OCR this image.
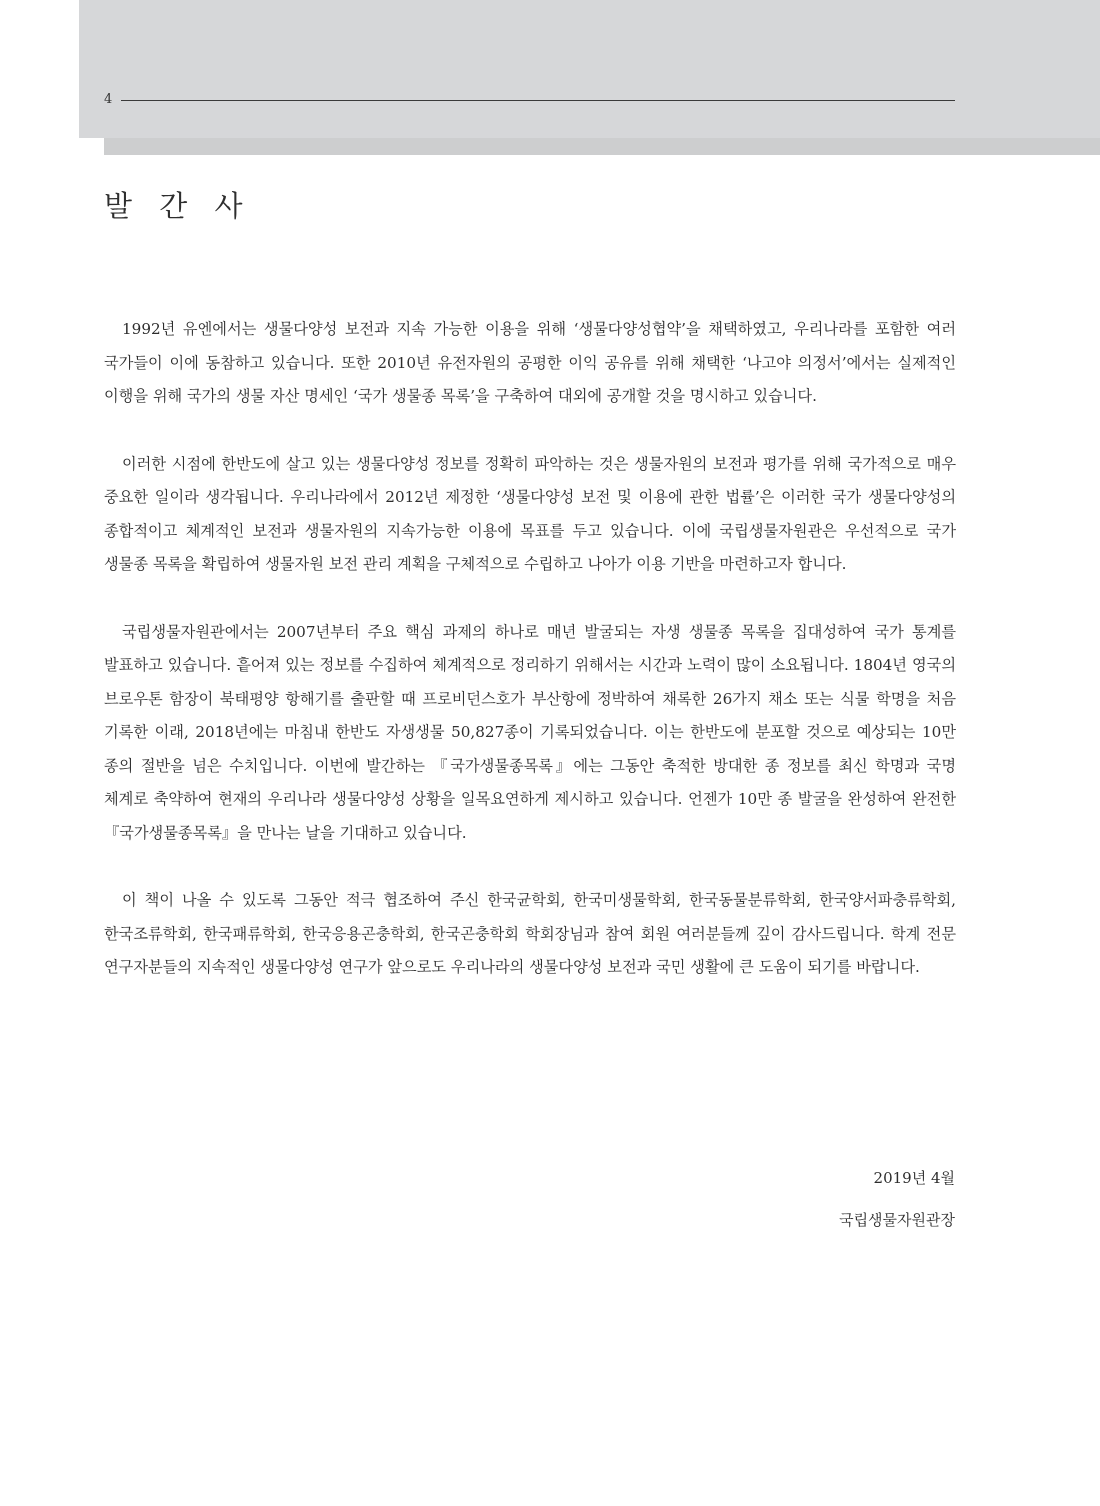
4
발 간 사

1992년 유엔에서는 생물다양성 보전과 지속 가능한 이용을 위해 ‘생물다양성협약’을 채택하였고, 우리나라를 포함한 여러 국가들이 이에 동참하고 있습니다. 또한 2010년 유전자원의 공평한 이익 공유를 위해 채택한 ‘나고야 의정서’에서는 실제적인 이행을 위해 국가의 생물 자산 명세인 ‘국가 생물종 목록’을 구축하여 대외에 공개할 것을 명시하고 있습니다.

이러한 시점에 한반도에 살고 있는 생물다양성 정보를 정확히 파악하는 것은 생물자원의 보전과 평가를 위해 국가적으로 매우 중요한 일이라 생각됩니다. 우리나라에서 2012년 제정한 ‘생물다양성 보전 및 이용에 관한 법률’은 이러한 국가 생물다양성의 종합적이고 체계적인 보전과 생물자원의 지속가능한 이용에 목표를 두고 있습니다. 이에 국립생물자원관은 우선적으로 국가 생물종 목록을 확립하여 생물자원 보전 관리 계획을 구체적으로 수립하고 나아가 이용 기반을 마련하고자 합니다.

국립생물자원관에서는 2007년부터 주요 핵심 과제의 하나로 매년 발굴되는 자생 생물종 목록을 집대성하여 국가 통계를 발표하고 있습니다. 흩어져 있는 정보를 수집하여 체계적으로 정리하기 위해서는 시간과 노력이 많이 소요됩니다. 1804년 영국의 브로우톤 함장이 북태평양 항해기를 출판할 때 프로비던스호가 부산항에 정박하여 채록한 26가지 채소 또는 식물 학명을 처음 기록한 이래, 2018년에는 마침내 한반도 자생생물 50,827종이 기록되었습니다. 이는 한반도에 분포할 것으로 예상되는 10만 종의 절반을 넘은 수치입니다. 이번에 발간하는 『국가생물종목록』에는 그동안 축적한 방대한 종 정보를 최신 학명과 국명 체계로 축약하여 현재의 우리나라 생물다양성 상황을 일목요연하게 제시하고 있습니다. 언젠가 10만 종 발굴을 완성하여 완전한 『국가생물종목록』을 만나는 날을 기대하고 있습니다.

이 책이 나올 수 있도록 그동안 적극 협조하여 주신 한국균학회, 한국미생물학회, 한국동물분류학회, 한국양서파충류학회, 한국조류학회, 한국패류학회, 한국응용곤충학회, 한국곤충학회 학회장님과 참여 회원 여러분들께 깊이 감사드립니다. 학계 전문 연구자분들의 지속적인 생물다양성 연구가 앞으로도 우리나라의 생물다양성 보전과 국민 생활에 큰 도움이 되기를 바랍니다.

2019년 4월
국립생물자원관장
